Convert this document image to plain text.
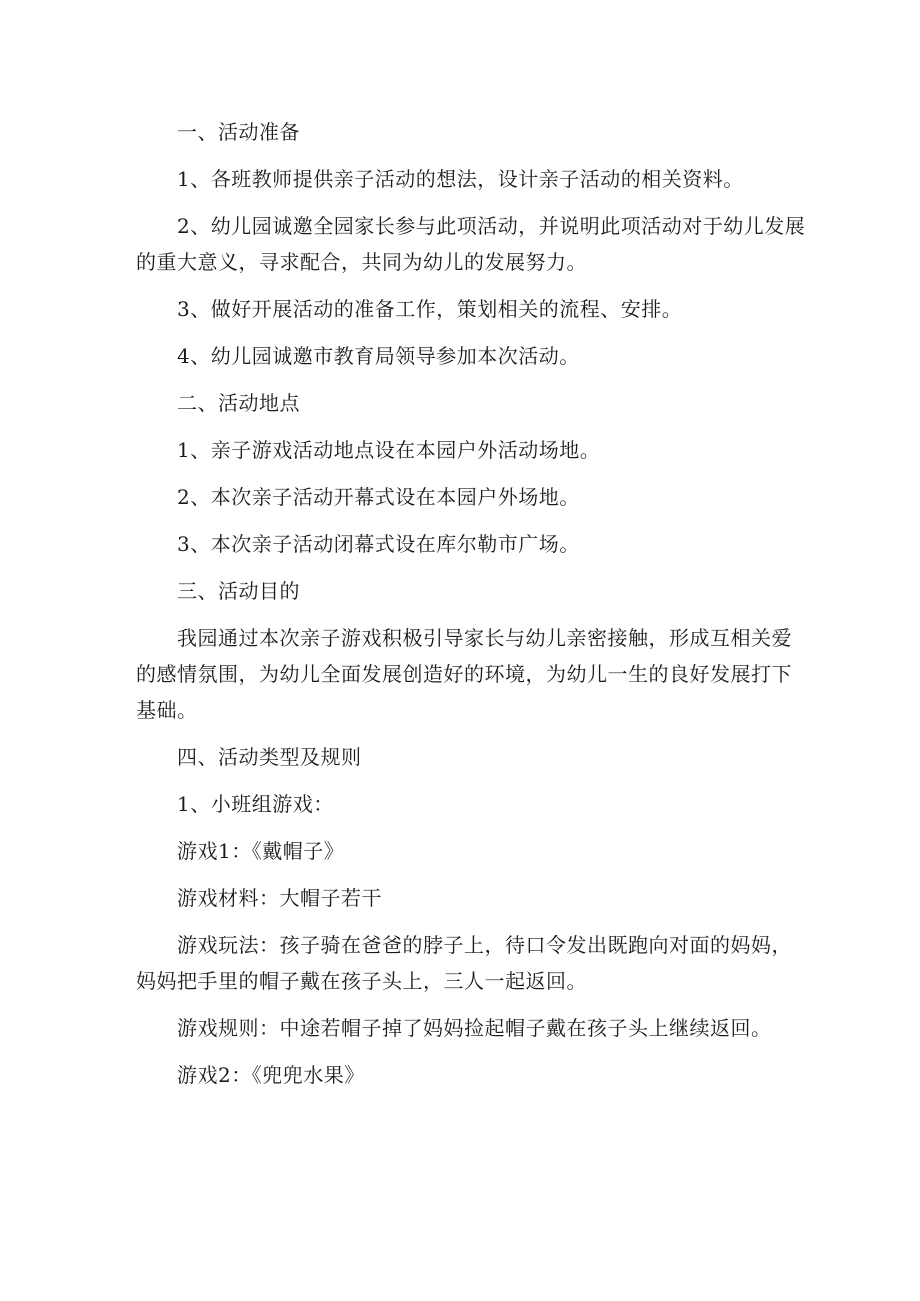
一、活动准备

1、各班教师提供亲子活动的想法，设计亲子活动的相关资料。

2、幼儿园诚邀全园家长参与此项活动，并说明此项活动对于幼儿发展的重大意义，寻求配合，共同为幼儿的发展努力。

3、做好开展活动的准备工作，策划相关的流程、安排。

4、幼儿园诚邀市教育局领导参加本次活动。

二、活动地点

1、亲子游戏活动地点设在本园户外活动场地。

2、本次亲子活动开幕式设在本园户外场地。

3、本次亲子活动闭幕式设在库尔勒市广场。

三、活动目的

我园通过本次亲子游戏积极引导家长与幼儿亲密接触，形成互相关爱的感情氛围，为幼儿全面发展创造好的环境，为幼儿一生的良好发展打下基础。

四、活动类型及规则

1、小班组游戏：

游戏1：《戴帽子》

游戏材料：大帽子若干

游戏玩法：孩子骑在爸爸的脖子上，待口令发出既跑向对面的妈妈，妈妈把手里的帽子戴在孩子头上，三人一起返回。

游戏规则：中途若帽子掉了妈妈捡起帽子戴在孩子头上继续返回。

游戏2：《兜兜水果》
